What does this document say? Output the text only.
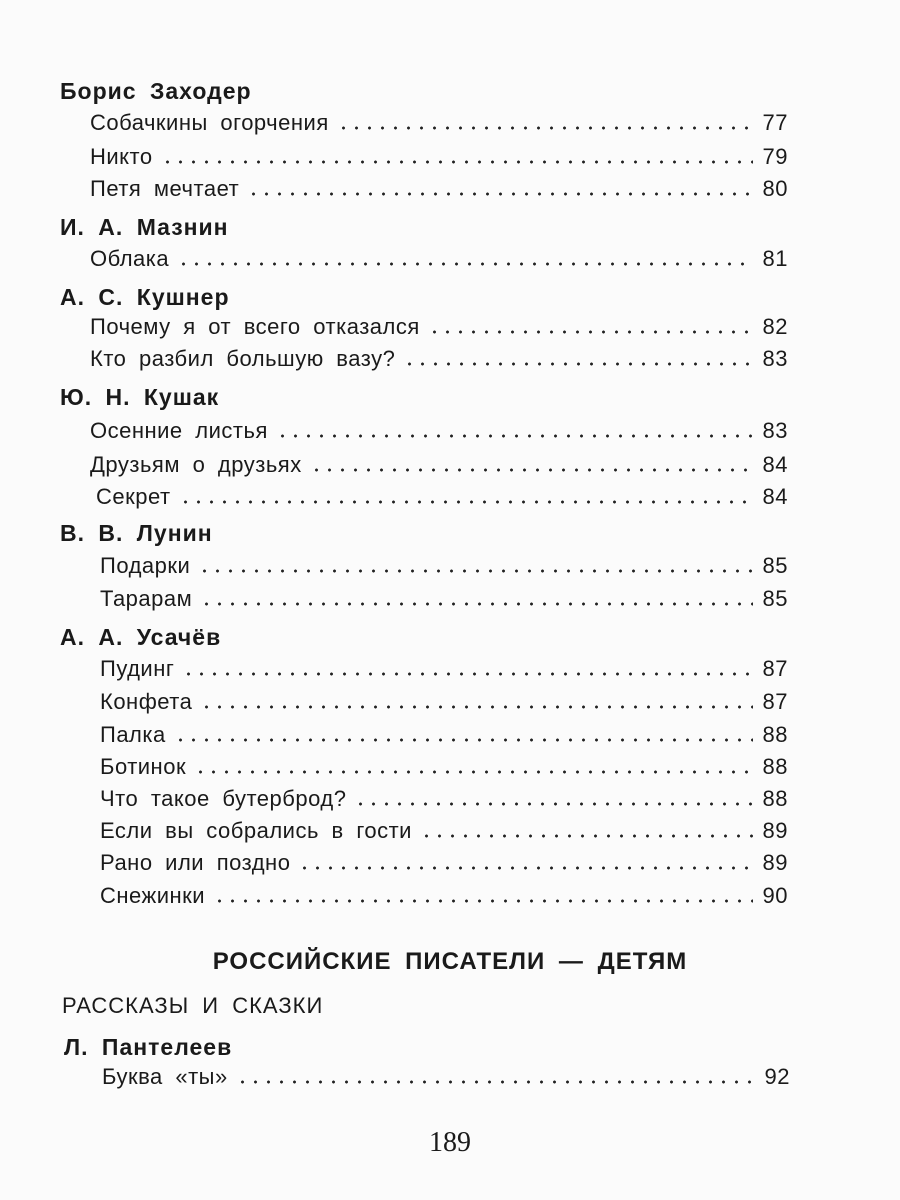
Борис Заходер
Собачкины огорчения	77
Никто	79
Петя мечтает	80
И. А. Мазнин
Облака	81
А. С. Кушнер
Почему я от всего отказался	82
Кто разбил большую вазу?	83
Ю. Н. Кушак
Осенние листья	83
Друзьям о друзьях	84
Секрет	84
В. В. Лунин
Подарки	85
Тарарам	85
А. А. Усачёв
Пудинг	87
Конфета	87
Палка	88
Ботинок	88
Что такое бутерброд?	88
Если вы собрались в гости	89
Рано или поздно	89
Снежинки	90
РОССИЙСКИЕ ПИСАТЕЛИ — ДЕТЯМ
РАССКАЗЫ И СКАЗКИ
Л. Пантелеев
Буква «ты»	92
189
